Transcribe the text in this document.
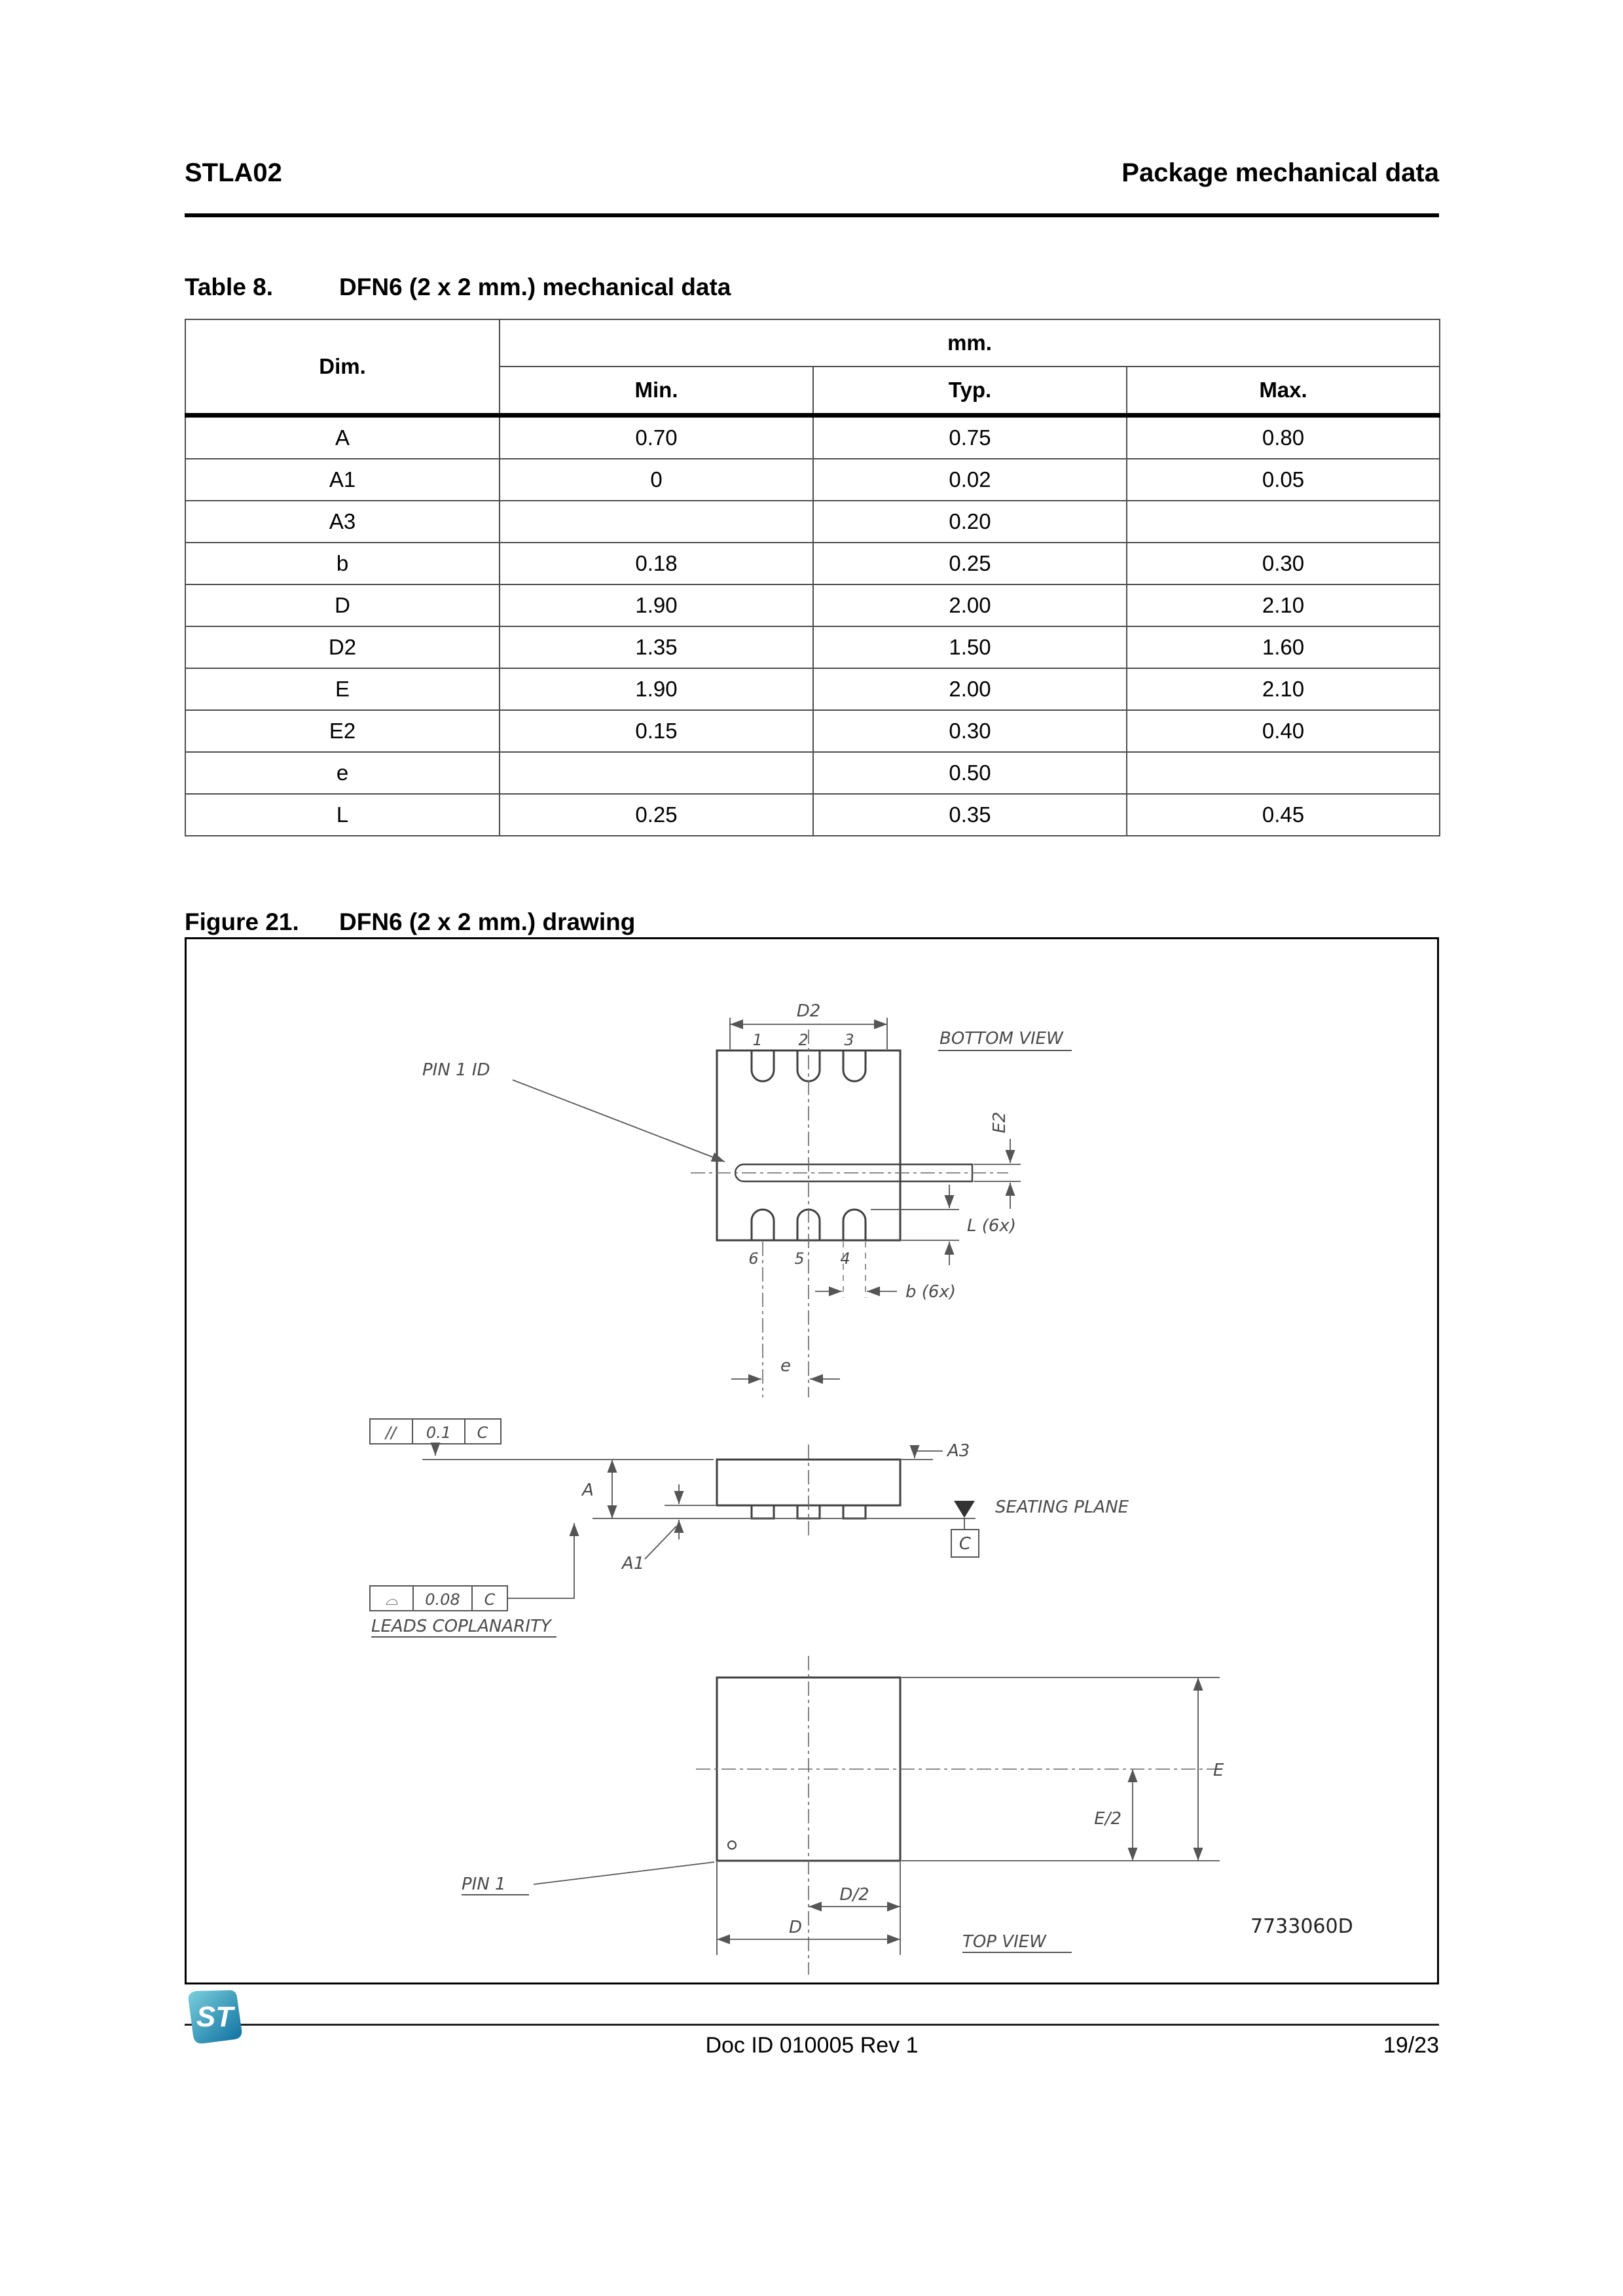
STLA02	Package mechanical data
Table 8.	DFN6 (2 x 2 mm.) mechanical data
Dim.	mm.		
	Min.	Typ.	Max.
A	0.70	0.75	0.80
A1	0	0.02	0.05
A3		0.20	
b	0.18	0.25	0.30
D	1.90	2.00	2.10
D2	1.35	1.50	1.60
E	1.90	2.00	2.10
E2	0.15	0.30	0.40
e		0.50	
L	0.25	0.35	0.45
Figure 21. DFN6 (2 x 2 mm.) drawing
D2
BOTTOM VIEW
PIN 1 ID
E2
L (6x)
b (6x)
e
1 2 3
6 5 4
// 0.1 C
A
A1
A3
SEATING PLANE
C
⌓ 0.08 C
LEADS COPLANARITY
PIN 1
E
E/2
D/2
D
TOP VIEW
7733060D
ST
Doc ID 010005 Rev 1	19/23
